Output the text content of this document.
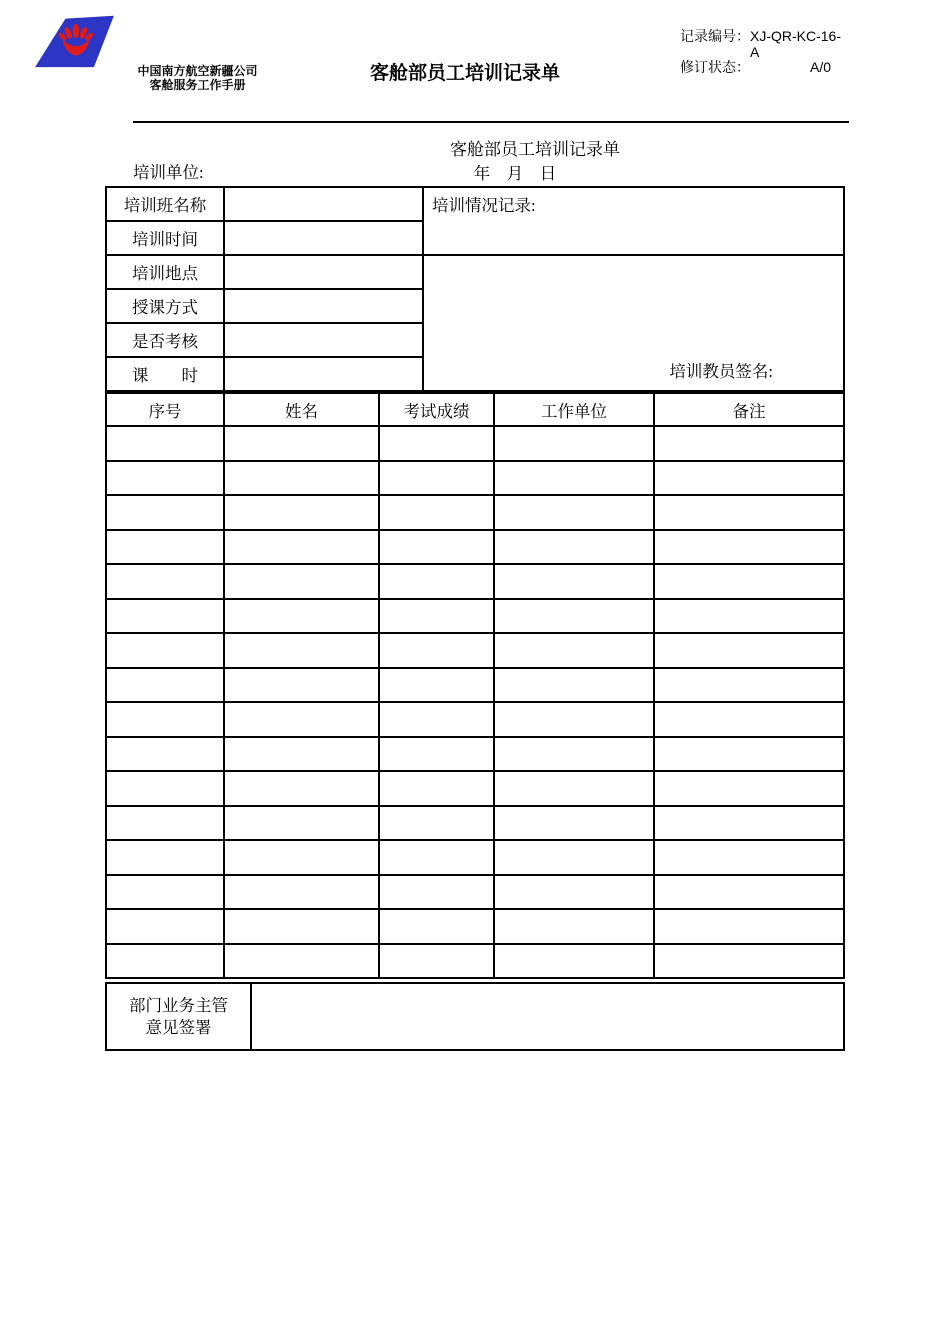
中国南方航空新疆公司
客舱服务工作手册
客舱部员工培训记录单
记录编号：XJ-QR-KC-16-A
修订状态：	A/0
客舱部员工培训记录单
培训单位:	年　月　日
培训班名称		培训情况记录:
培训时间		
培训地点		培训教员签名:
授课方式		
是否考核		
课　　时		
序号	姓名	考试成绩	工作单位	备注

部门业务主管
意见签署
